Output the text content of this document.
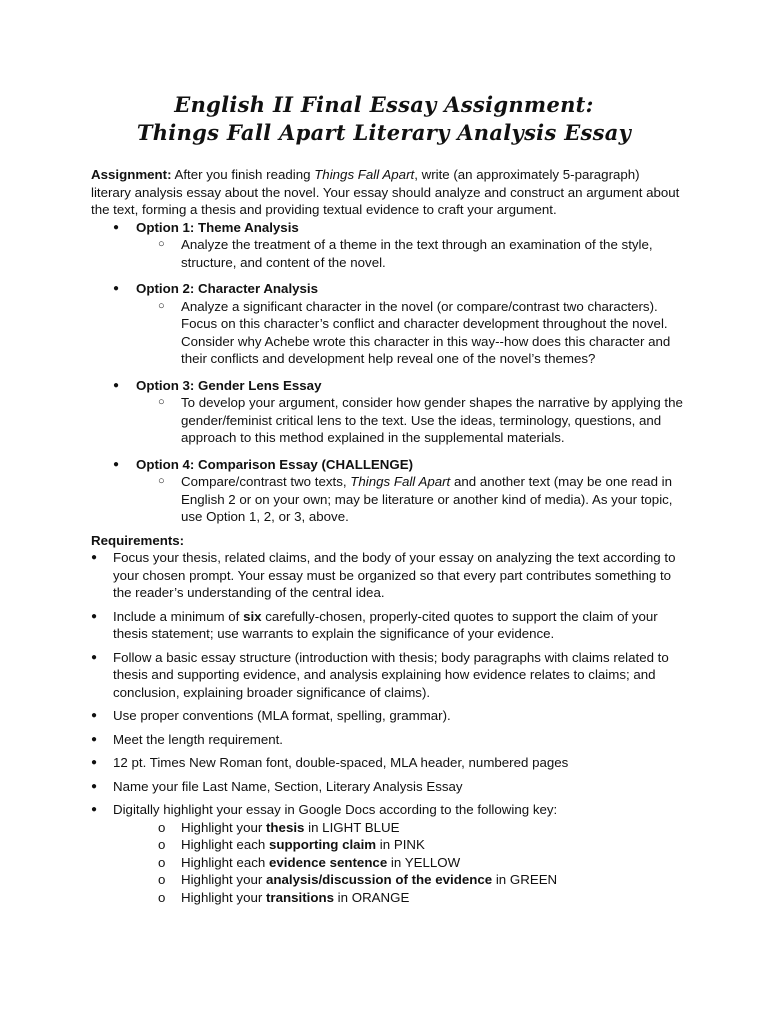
English II Final Essay Assignment:
Things Fall Apart Literary Analysis Essay

Assignment: After you finish reading Things Fall Apart, write (an approximately 5-paragraph) literary analysis essay about the novel. Your essay should analyze and construct an argument about the text, forming a thesis and providing textual evidence to craft your argument.

● Option 1: Theme Analysis
○ Analyze the treatment of a theme in the text through an examination of the style, structure, and content of the novel.
● Option 2: Character Analysis
○ Analyze a significant character in the novel (or compare/contrast two characters). Focus on this character’s conflict and character development throughout the novel. Consider why Achebe wrote this character in this way--how does this character and their conflicts and development help reveal one of the novel’s themes?
● Option 3: Gender Lens Essay
○ To develop your argument, consider how gender shapes the narrative by applying the gender/feminist critical lens to the text. Use the ideas, terminology, questions, and approach to this method explained in the supplemental materials.
● Option 4: Comparison Essay (CHALLENGE)
○ Compare/contrast two texts, Things Fall Apart and another text (may be one read in English 2 or on your own; may be literature or another kind of media). As your topic, use Option 1, 2, or 3, above.
Requirements:
● Focus your thesis, related claims, and the body of your essay on analyzing the text according to your chosen prompt. Your essay must be organized so that every part contributes something to the reader’s understanding of the central idea.
● Include a minimum of six carefully-chosen, properly-cited quotes to support the claim of your thesis statement; use warrants to explain the significance of your evidence.
● Follow a basic essay structure (introduction with thesis; body paragraphs with claims related to thesis and supporting evidence, and analysis explaining how evidence relates to claims; and conclusion, explaining broader significance of claims).
● Use proper conventions (MLA format, spelling, grammar).
● Meet the length requirement.
● 12 pt. Times New Roman font, double-spaced, MLA header, numbered pages
● Name your file Last Name, Section, Literary Analysis Essay
● Digitally highlight your essay in Google Docs according to the following key:
o Highlight your thesis in LIGHT BLUE
o Highlight each supporting claim in PINK
o Highlight each evidence sentence in YELLOW
o Highlight your analysis/discussion of the evidence in GREEN
o Highlight your transitions in ORANGE
